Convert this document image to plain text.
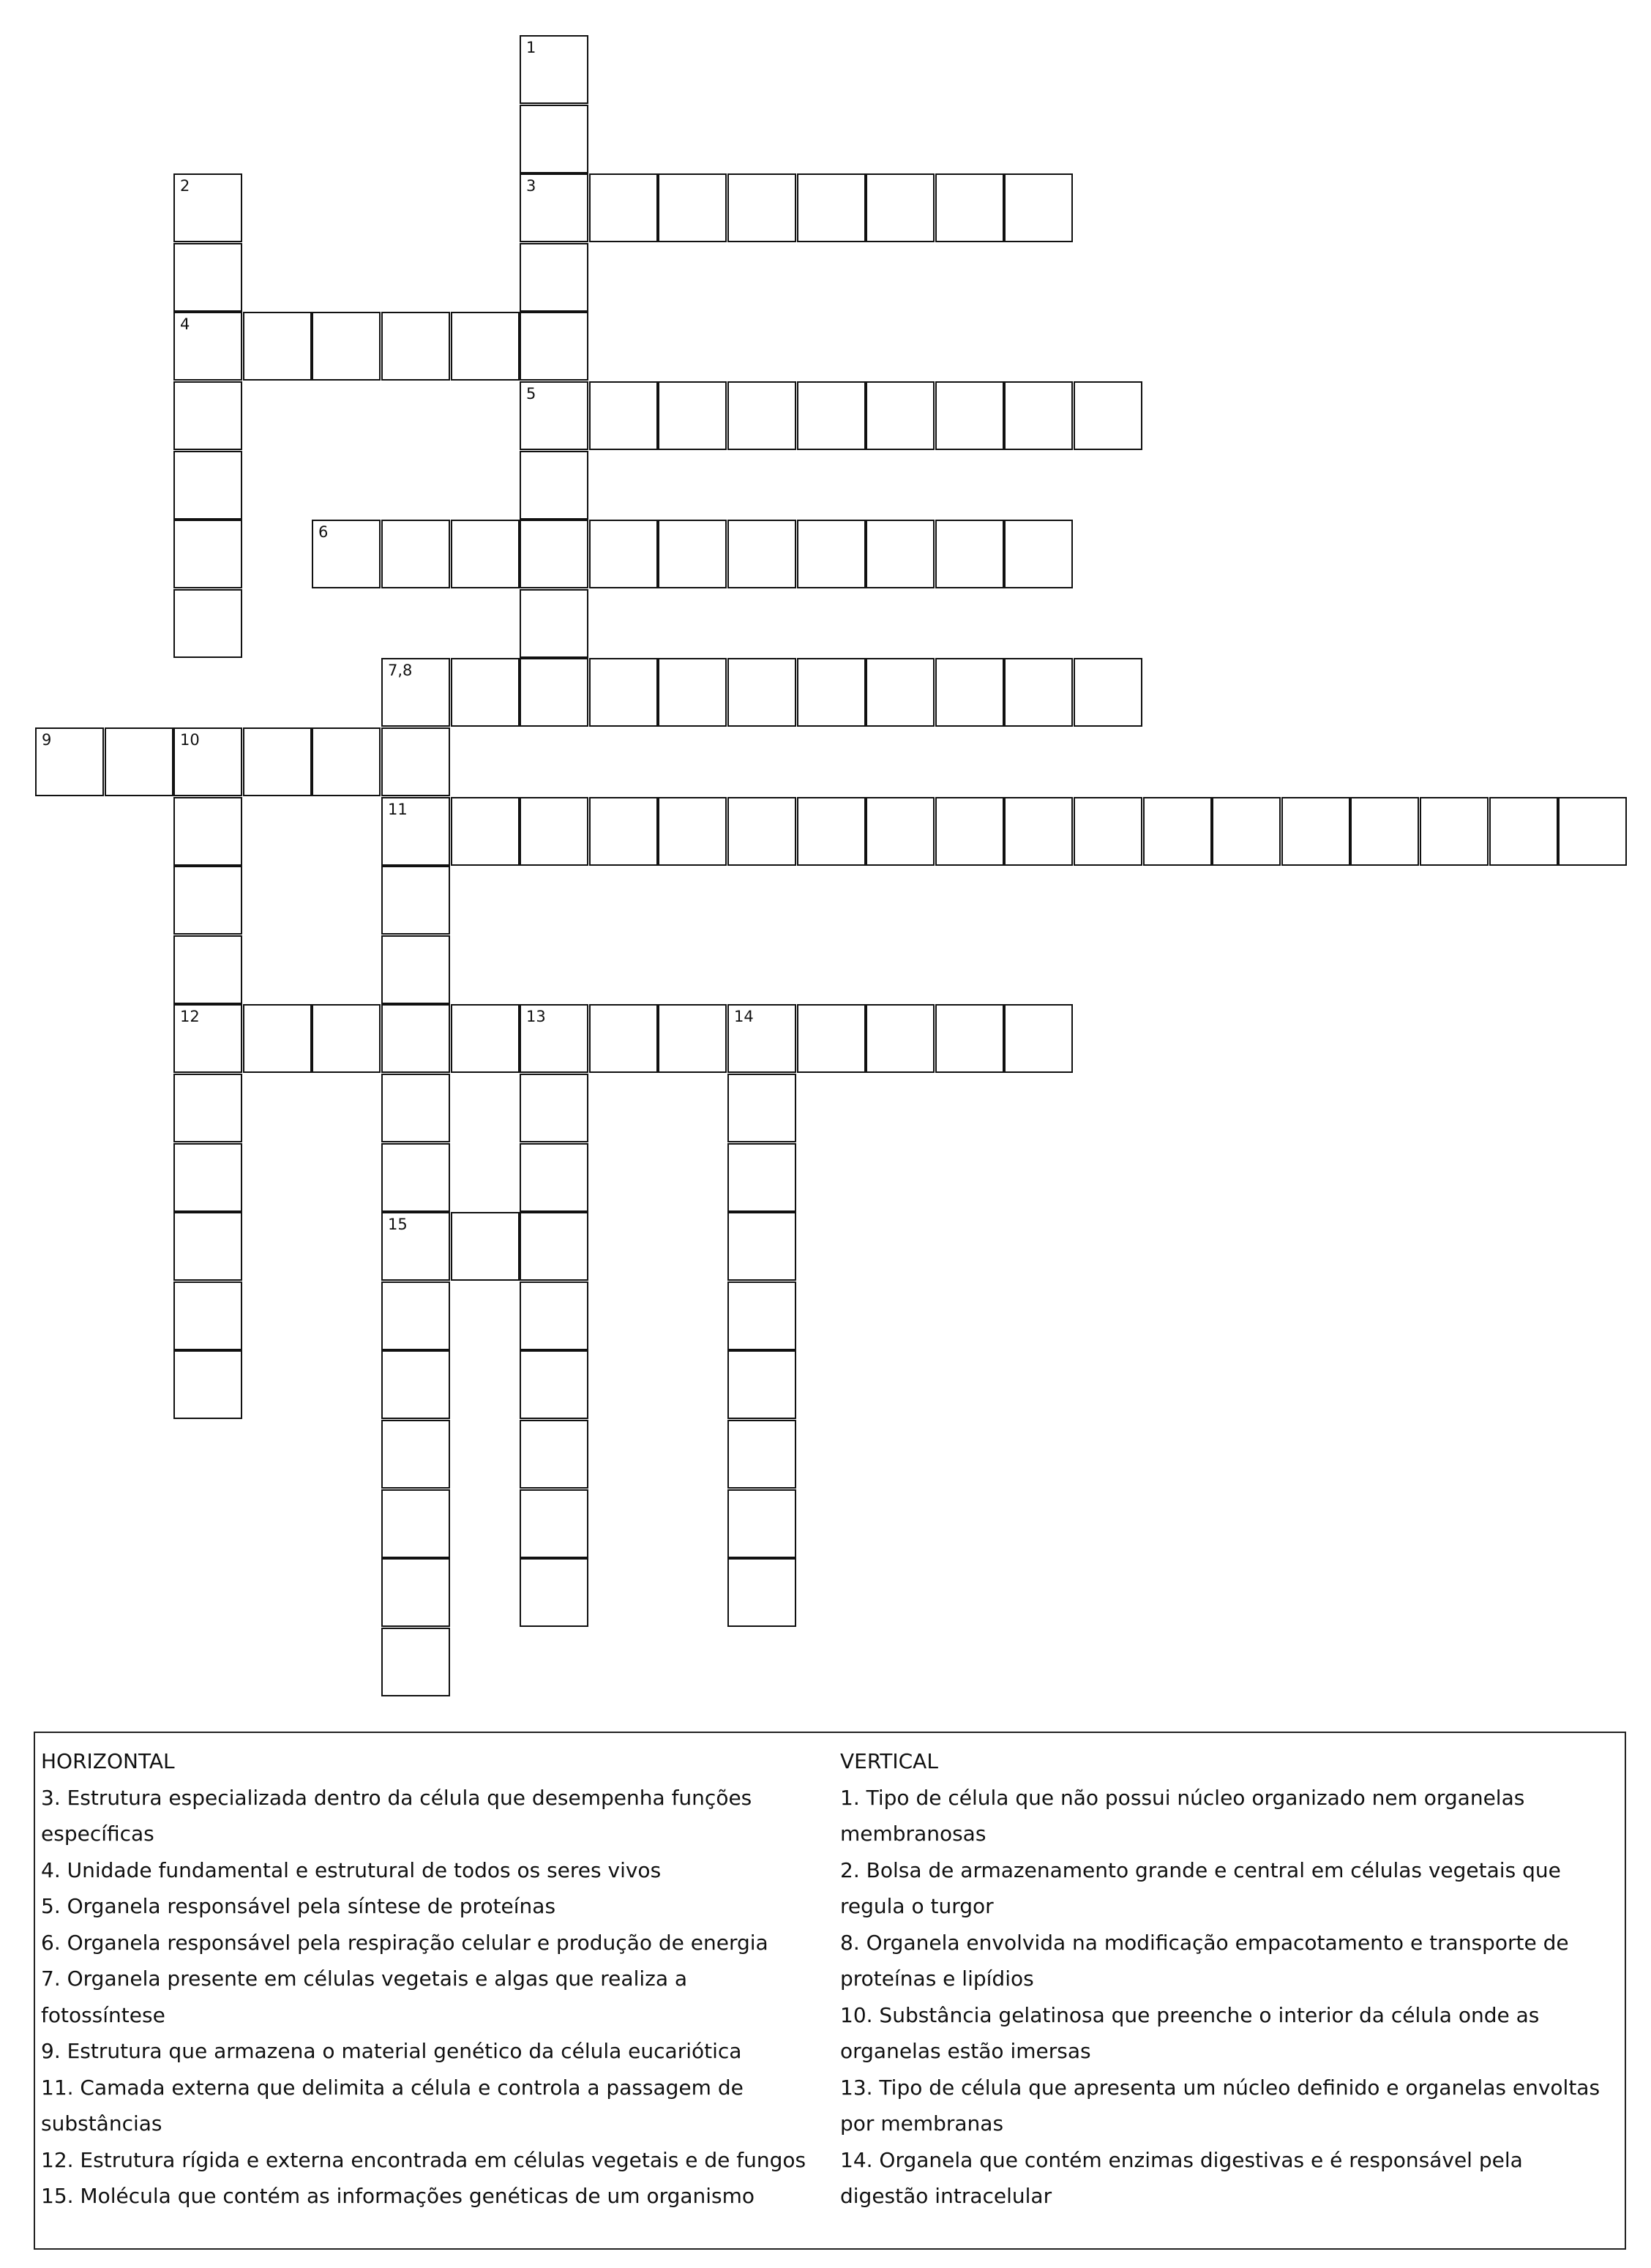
1
3
5
2
4
6
7,8
11
15
9	10
12	13	14

HORIZONTAL

3. Estrutura especializada dentro da célula que desempenha funções específicas

4. Unidade fundamental e estrutural de todos os seres vivos

5. Organela responsável pela síntese de proteínas

6. Organela responsável pela respiração celular e produção de energia

7. Organela presente em células vegetais e algas que realiza a fotossíntese

9. Estrutura que armazena o material genético da célula eucariótica

11. Camada externa que delimita a célula e controla a passagem de substâncias

12. Estrutura rígida e externa encontrada em células vegetais e de fungos

15. Molécula que contém as informações genéticas de um organismo

VERTICAL

1. Tipo de célula que não possui núcleo organizado nem organelas membranosas

2. Bolsa de armazenamento grande e central em células vegetais que regula o turgor

8. Organela envolvida na modificação empacotamento e transporte de proteínas e lipídios

10. Substância gelatinosa que preenche o interior da célula onde as organelas estão imersas

13. Tipo de célula que apresenta um núcleo definido e organelas envoltas por membranas

14. Organela que contém enzimas digestivas e é responsável pela digestão intracelular
